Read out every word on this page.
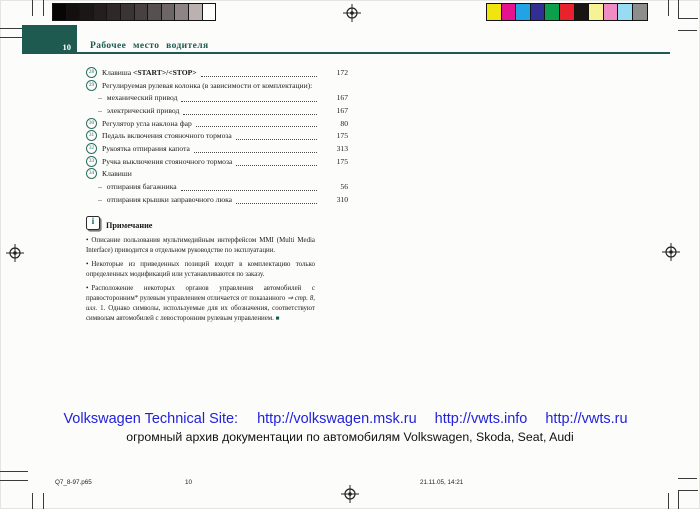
10 Рабочее место водителя
28	Клавиша <START>/<STOP>	172
29	Регулируемая рулевая колонка (в зависимости от комплектации):
– механический привод	167
– электрический привод	167
30	Регулятор угла наклона фар	80
31	Педаль включения стояночного тормоза	175
32	Рукоятка отпирания капота	313
33	Ручка выключения стояночного тормоза	175
34	Клавиши
– отпирания багажника	56
– отпирания крышки заправочного люка	310
i	Примечание

• Описание пользования мультимедийным интерфейсом MMI (Multi Media Interface) приводится в отдельном руководстве по эксплуатации.

• Некоторые из приведенных позиций входят в комплектацию только определенных модификаций или устанавливаются по заказу.

• Расположение некоторых органов управления автомобилей с правосторонним* рулевым управлением отличается от показанного ⇒ стр. 8, илл. 1. Однако символы, используемые для их обозначения, соответствуют символам автомобилей с левосторонним рулевым управлением. ■

Volkswagen Technical Site: http://volkswagen.msk.ru http://vwts.info http://vwts.ru
огромный архив документации по автомобилям Volkswagen, Skoda, Seat, Audi
Q7_8-97.p65	10	21.11.05, 14:21
